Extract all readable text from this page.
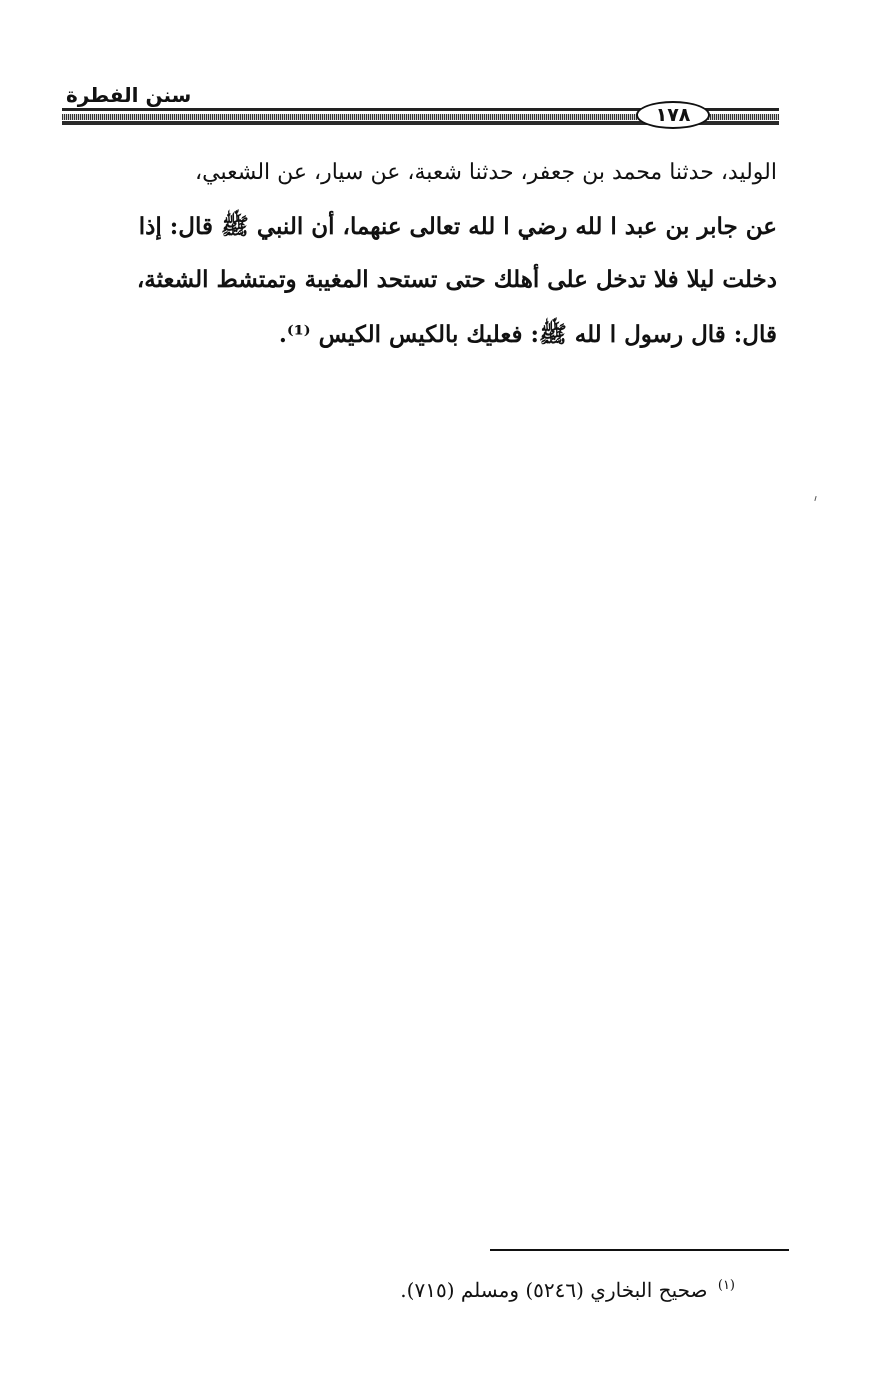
سنن الفطرة
١٧٨
الوليد، حدثنا محمد بن جعفر، حدثنا شعبة، عن سيار، عن الشعبي،
عن جابر بن عبد ا لله رضي ا لله تعالى عنهما، أن النبي ﷺ قال: إذا
دخلت ليلا فلا تدخل على أهلك حتى تستحد المغيبة وتمتشط الشعثة،
قال: قال رسول ا لله ﷺ: فعليك بالكيس الكيس ⁽¹⁾.
$^{(١)}$ صحيح البخاري (٥٢٤٦) ومسلم (٧١٥).
